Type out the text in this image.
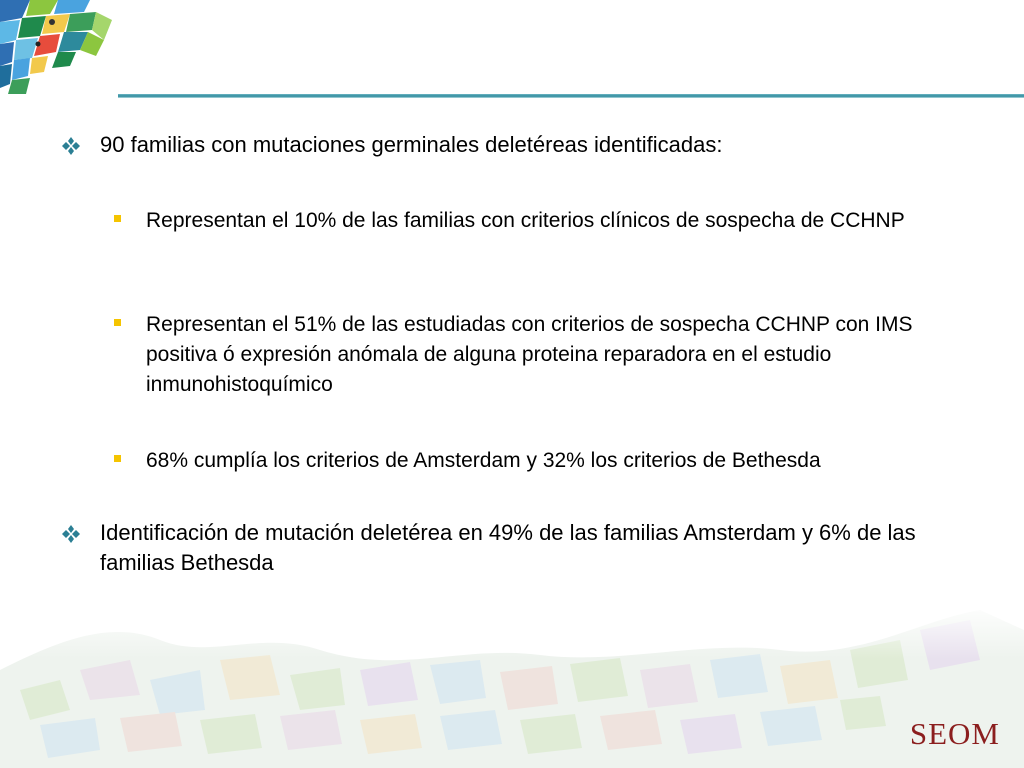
90 familias con mutaciones germinales deletéreas identificadas:
Representan el 10% de las familias con criterios clínicos de sospecha de CCHNP
Representan el 51% de las estudiadas con criterios de sospecha CCHNP con IMS positiva ó expresión anómala de alguna proteina reparadora en el estudio inmunohistoquímico
68% cumplía los criterios de Amsterdam y 32% los criterios de Bethesda
Identificación de mutación deletérea en 49% de las familias Amsterdam y 6% de las familias Bethesda
SEOM
